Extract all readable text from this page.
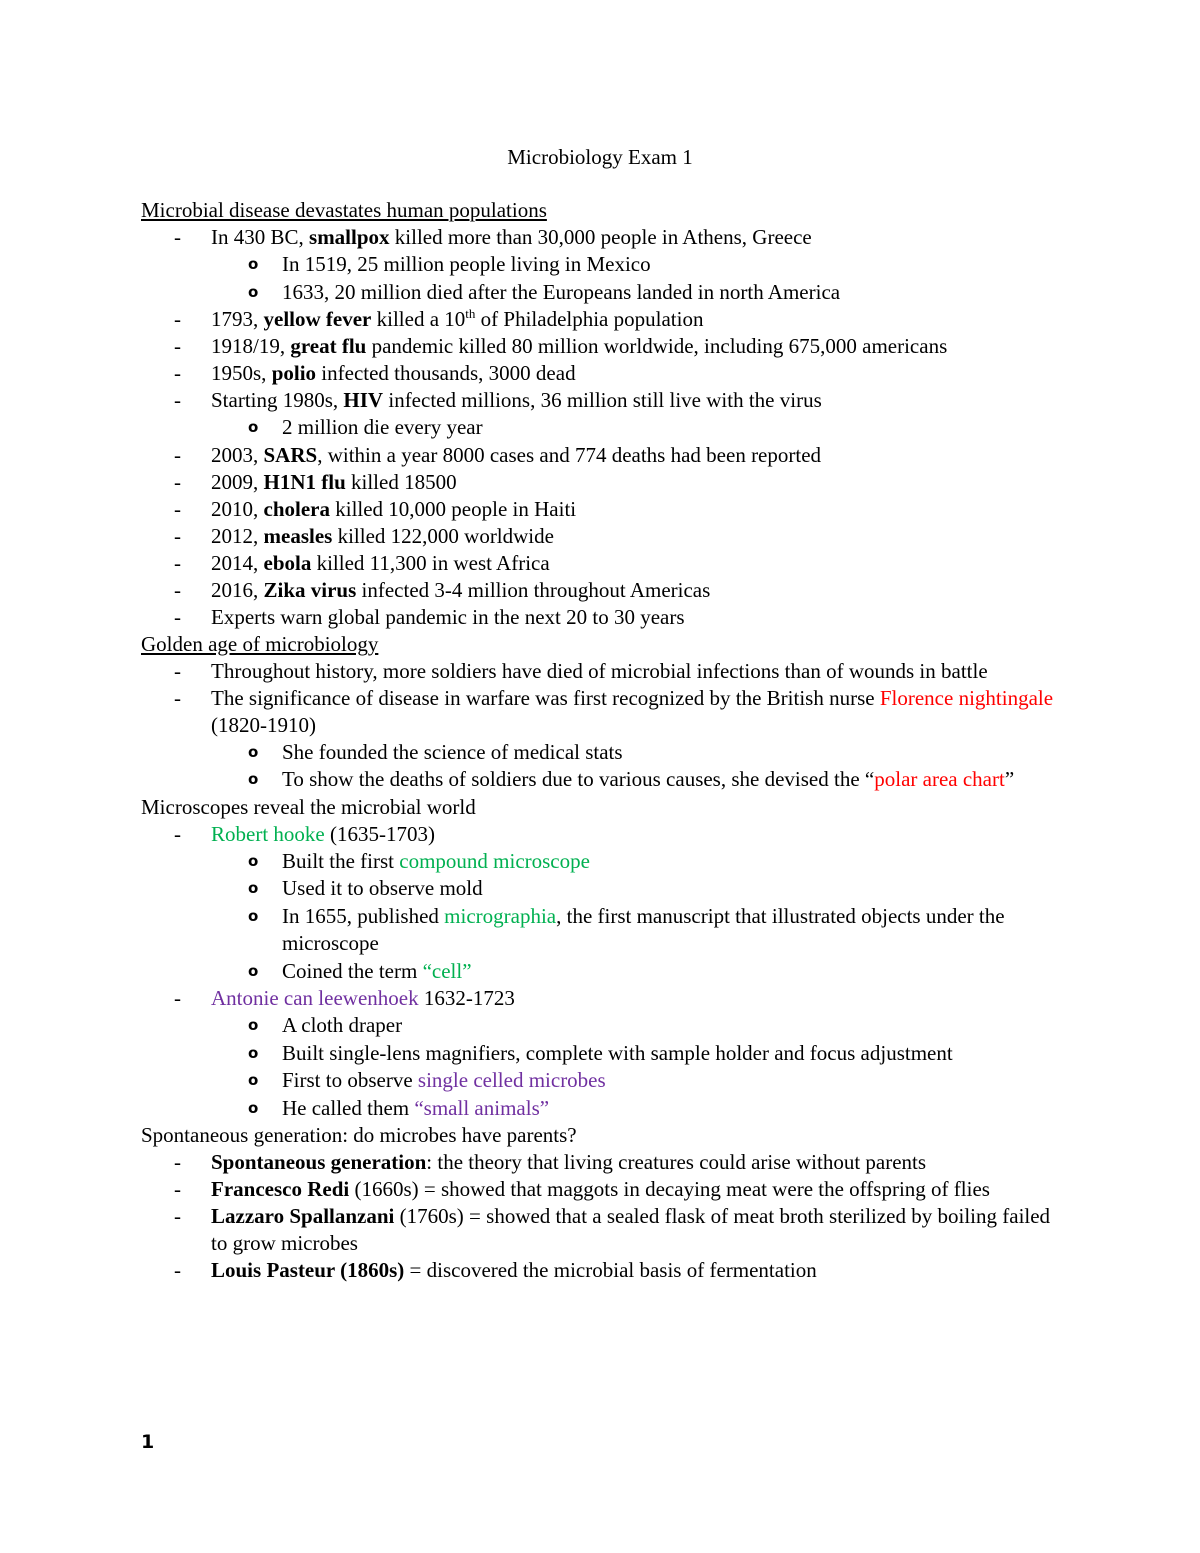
Microbiology Exam 1
Microbial disease devastates human populations
- In 430 BC, smallpox killed more than 30,000 people in Athens, Greece
o In 1519, 25 million people living in Mexico
o 1633, 20 million died after the Europeans landed in north America
- 1793, yellow fever killed a 10th of Philadelphia population
- 1918/19, great flu pandemic killed 80 million worldwide, including 675,000 americans
- 1950s, polio infected thousands, 3000 dead
- Starting 1980s, HIV infected millions, 36 million still live with the virus
o 2 million die every year
- 2003, SARS, within a year 8000 cases and 774 deaths had been reported
- 2009, H1N1 flu killed 18500
- 2010, cholera killed 10,000 people in Haiti
- 2012, measles killed 122,000 worldwide
- 2014, ebola killed 11,300 in west Africa
- 2016, Zika virus infected 3-4 million throughout Americas
- Experts warn global pandemic in the next 20 to 30 years
Golden age of microbiology
- Throughout history, more soldiers have died of microbial infections than of wounds in battle
- The significance of disease in warfare was first recognized by the British nurse Florence nightingale (1820-1910)
o She founded the science of medical stats
o To show the deaths of soldiers due to various causes, she devised the “polar area chart”
Microscopes reveal the microbial world
- Robert hooke (1635-1703)
o Built the first compound microscope
o Used it to observe mold
o In 1655, published micrographia, the first manuscript that illustrated objects under the microscope
o Coined the term “cell”
- Antonie can leewenhoek 1632-1723
o A cloth draper
o Built single-lens magnifiers, complete with sample holder and focus adjustment
o First to observe single celled microbes
o He called them “small animals”
Spontaneous generation: do microbes have parents?
- Spontaneous generation: the theory that living creatures could arise without parents
- Francesco Redi (1660s) = showed that maggots in decaying meat were the offspring of flies
- Lazzaro Spallanzani (1760s) = showed that a sealed flask of meat broth sterilized by boiling failed to grow microbes
- Louis Pasteur (1860s) = discovered the microbial basis of fermentation
1
